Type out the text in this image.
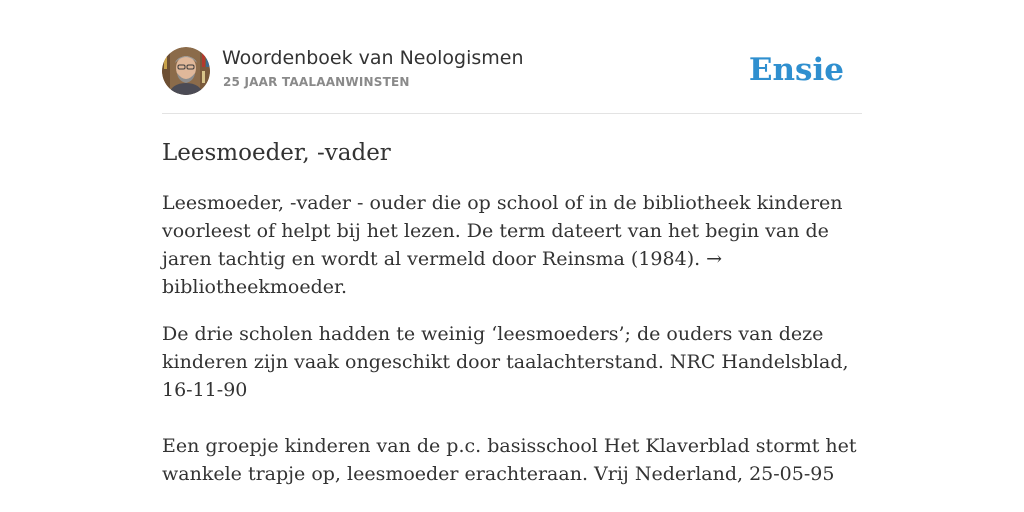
Woordenboek van Neologismen
25 JAAR TAALAANWINSTEN	Ensie
Leesmoeder, -vader

Leesmoeder, -vader - ouder die op school of in de bibliotheek kinderen voorleest of helpt bij het lezen. De term dateert van het begin van de jaren tachtig en wordt al vermeld door Reinsma (1984). → bibliotheekmoeder.

De drie scholen hadden te weinig ‘leesmoeders’; de ouders van deze kinderen zijn vaak ongeschikt door taalachterstand. NRC Handelsblad, 16-11-90

Een groepje kinderen van de p.c. basisschool Het Klaverblad stormt het wankele trapje op, leesmoeder erachteraan. Vrij Nederland, 25-05-95
